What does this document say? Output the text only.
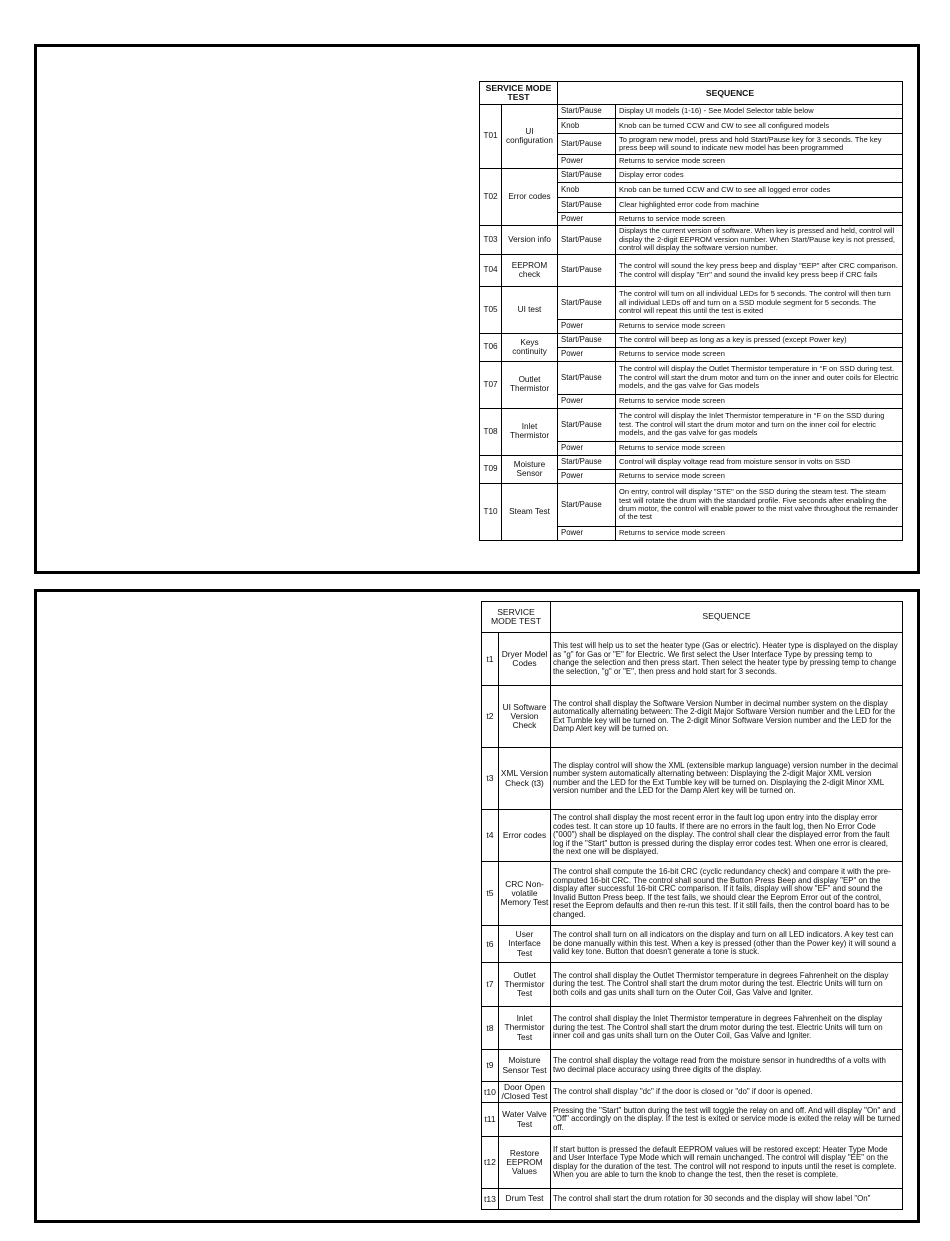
SERVICE MODE TEST		SEQUENCE	
T01	UI configuration	Start/Pause	Display UI models (1-16) - See Model Selector table below
		Knob	Knob can be turned CCW and CW to see all configured models
		Start/Pause	To program new model, press and hold Start/Pause key for 3 seconds. The key press beep will sound to indicate new model has been programmed
		Power	Returns to service mode screen
T02	Error codes	Start/Pause	Display error codes
		Knob	Knob can be turned CCW and CW to see all logged error codes
		Start/Pause	Clear highlighted error code from machine
		Power	Returns to service mode screen
T03	Version info	Start/Pause	Displays the current version of software. When key is pressed and held, control will display the 2-digit EEPROM version number. When Start/Pause key is not pressed, control will display the software version number.
T04	EEPROM check	Start/Pause	The control will sound the key press beep and display "EEP" after CRC comparison. The control will display "Err" and sound the invalid key press beep if CRC fails
T05	UI test	Start/Pause	The control will turn on all individual LEDs for 5 seconds. The control will then turn all individual LEDs off and turn on a SSD module segment for 5 seconds. The control will repeat this until the test is exited
		Power	Returns to service mode screen
T06	Keys continuity	Start/Pause	The control will beep as long as a key is pressed (except Power key)
		Power	Returns to service mode screen
T07	Outlet Thermistor	Start/Pause	The control will display the Outlet Thermistor temperature in °F on SSD during test. The control will start the drum motor and turn on the inner and outer coils for Electric models, and the gas valve for Gas models
		Power	Returns to service mode screen
T08	Inlet Thermistor	Start/Pause	The control will display the Inlet Thermistor temperature in °F on the SSD during test. The control will start the drum motor and turn on the inner coil for electric models, and the gas valve for gas models
		Power	Returns to service mode screen
T09	Moisture Sensor	Start/Pause	Control will display voltage read from moisture sensor in volts on SSD
		Power	Returns to service mode screen
T10	Steam Test	Start/Pause	On entry, control will display "STE" on the SSD during the steam test. The steam test will rotate the drum with the standard profile. Five seconds after enabling the drum motor, the control will enable power to the mist valve throughout the remainder of the test
		Power	Returns to service mode screen
SERVICE MODE TEST		SEQUENCE
t1	Dryer Model Codes	This test will help us to set the heater type (Gas or electric). Heater type is displayed on the display as "g" for Gas or "E" for Electric. We first select the User Interface Type by pressing temp to change the selection and then press start. Then select the heater type by pressing temp to change the selection, "g" or "E", then press and hold start for 3 seconds.
t2	UI Software Version Check	The control shall display the Software Version Number in decimal number system on the display automatically alternating between: The 2-digit Major Software Version number and the LED for the Ext Tumble key will be turned on. The 2-digit Minor Software Version number and the LED for the Damp Alert key will be turned on.
t3	XML Version Check (t3)	The display control will show the XML (extensible markup language) version number in the decimal number system automatically alternating between: Displaying the 2-digit Major XML version number and the LED for the Ext Tumble key will be turned on. Displaying the 2-digit Minor XML version number and the LED for the Damp Alert key will be turned on.
t4	Error codes	The control shall display the most recent error in the fault log upon entry into the display error codes test. It can store up 10 faults. If there are no errors in the fault log, then No Error Code ("000") shall be displayed on the display. The control shall clear the displayed error from the fault log if the "Start" button is pressed during the display error codes test. When one error is cleared, the next one will be displayed.
t5	CRC Non-volatile Memory Test	The control shall compute the 16-bit CRC (cyclic redundancy check) and compare it with the pre-computed 16-bit CRC. The control shall sound the Button Press Beep and display "EP" on the display after successful 16-bit CRC comparison. If it fails, display will show "EF" and sound the Invalid Button Press beep. If the test fails, we should clear the Eeprom Error out of the control, reset the Eeprom defaults and then re-run this test. If it still fails, then the control board has to be changed.
t6	User Interface Test	The control shall turn on all indicators on the display and turn on all LED indicators. A key test can be done manually within this test. When a key is pressed (other than the Power key) it will sound a valid key tone. Button that doesn't generate a tone is stuck.
t7	Outlet Thermistor Test	The control shall display the Outlet Thermistor temperature in degrees Fahrenheit on the display during the test. The Control shall start the drum motor during the test. Electric Units will turn on both coils and gas units shall turn on the Outer Coil, Gas Valve and Igniter.
t8	Inlet Thermistor Test	The control shall display the Inlet Thermistor temperature in degrees Fahrenheit on the display during the test. The Control shall start the drum motor during the test. Electric Units will turn on inner coil and gas units shall turn on the Outer Coil, Gas Valve and Igniter.
t9	Moisture Sensor Test	The control shall display the voltage read from the moisture sensor in hundredths of a volts with two decimal place accuracy using three digits of the display.
t10	Door Open /Closed Test	The control shall display "dc" if the door is closed or "do" if door is opened.
t11	Water Valve Test	Pressing the "Start" button during the test will toggle the relay on and off. And will display "On" and "Off" accordingly on the display. If the test is exited or service mode is exited the relay will be turned off.
t12	Restore EEPROM Values	If start button is pressed the default EEPROM values will be restored except: Heater Type Mode and User Interface Type Mode which will remain unchanged. The control will display "EE" on the display for the duration of the test. The control will not respond to inputs until the reset is complete. When you are able to turn the knob to change the test, then the reset is complete.
t13	Drum Test	The control shall start the drum rotation for 30 seconds and the display will show label "On"
